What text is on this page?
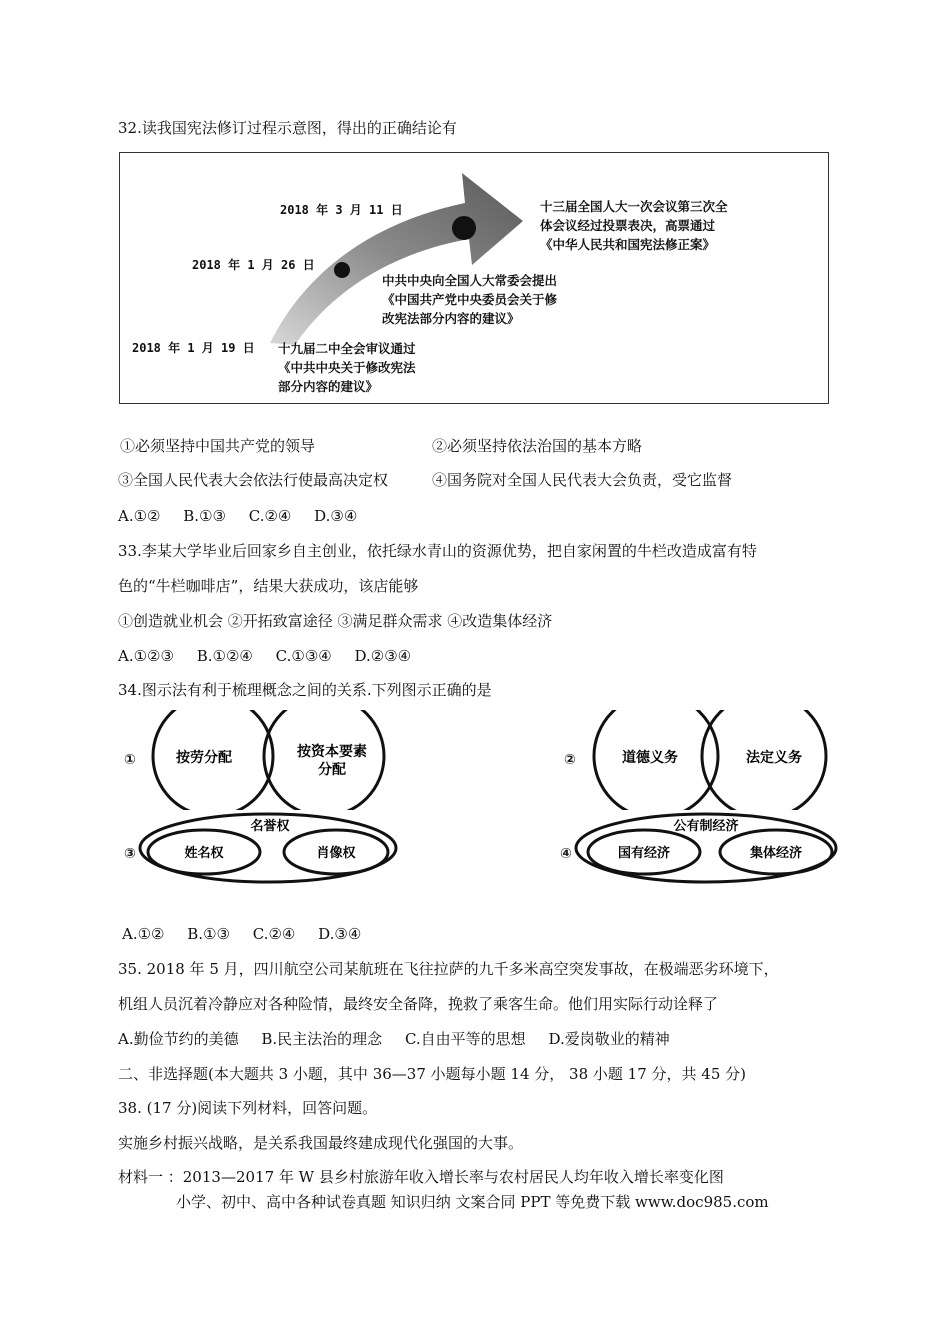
32.读我国宪法修订过程示意图，得出的正确结论有
2018 年 3 月 11 日
2018 年 1 月 26 日
2018 年 1 月 19 日
十三届全国人大一次会议第三次全
体会议经过投票表决，高票通过
《中华人民共和国宪法修正案》
中共中央向全国人大常委会提出
《中国共产党中央委员会关于修
改宪法部分内容的建议》
十九届二中全会审议通过
《中共中央关于修改宪法
部分内容的建议》
①必须坚持中国共产党的领导	②必须坚持依法治国的基本方略
③全国人民代表大会依法行使最高决定权	④国务院对全国人民代表大会负责，受它监督
A.①② B.①③ C.②④ D.③④
33.李某大学毕业后回家乡自主创业，依托绿水青山的资源优势，把自家闲置的牛栏改造成富有特
色的“牛栏咖啡店”，结果大获成功，该店能够
①创造就业机会 ②开拓致富途径 ③满足群众需求 ④改造集体经济
A.①②③ B.①②④ C.①③④ D.②③④
34.图示法有利于梳理概念之间的关系.下列图示正确的是
①	按劳分配	按资本要素
分配
②	道德义务	法定义务
③
名誉权
姓名权	肖像权	④
公有制经济
国有经济	集体经济
A.①② B.①③ C.②④ D.③④
35. 2018 年 5 月，四川航空公司某航班在飞往拉萨的九千多米高空突发事故，在极端恶劣环境下，
机组人员沉着冷静应对各种险情，最终安全备降，挽救了乘客生命。他们用实际行动诠释了
A.勤俭节约的美德 B.民主法治的理念 C.自由平等的思想 D.爱岗敬业的精神
二、非选择题(本大题共 3 小题，其中 36—37 小题每小题 14 分， 38 小题 17 分，共 45 分)
38. (17 分)阅读下列材料，回答问题。
实施乡村振兴战略，是关系我国最终建成现代化强国的大事。
材料一 ：2013—2017 年 W 县乡村旅游年收入增长率与农村居民人均年收入增长率变化图
小学、初中、高中各种试卷真题 知识归纳 文案合同 PPT 等免费下载 www.doc985.com
